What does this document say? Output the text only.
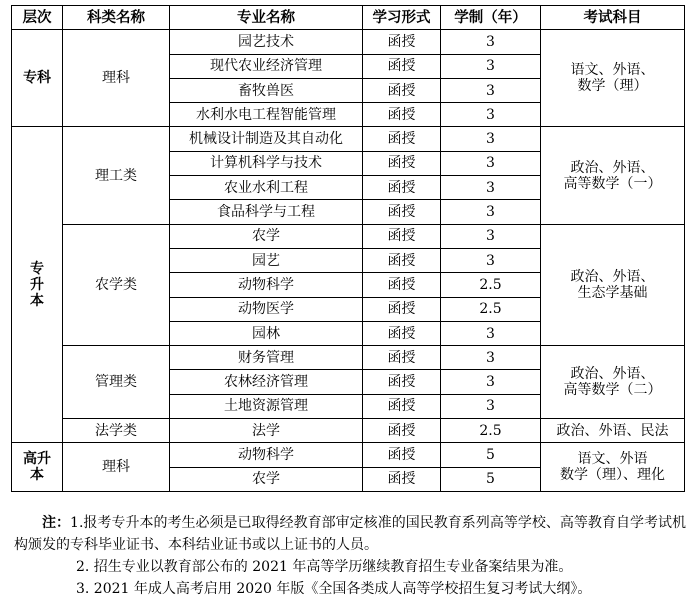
层次	科类名称	专业名称	学习形式	学制（年）	考试科目
专科	理科	园艺技术	函授	3	语文、外语、
数学（理）
		现代农业经济管理	函授	3	
		畜牧兽医	函授	3	
		水利水电工程智能管理	函授	3	
专
升
本	理工类	机械设计制造及其自动化	函授	3	政治、外语、
高等数学（一）
		计算机科学与技术	函授	3	
		农业水利工程	函授	3	
		食品科学与工程	函授	3	
	农学类	农学	函授	3	政治、外语、
生态学基础
		园艺	函授	3	
		动物科学	函授	2.5	
		动物医学	函授	2.5	
		园林	函授	3	
	管理类	财务管理	函授	3	政治、外语、
高等数学（二）
		农林经济管理	函授	3	
		土地资源管理	函授	3	
	法学类	法学	函授	2.5	政治、外语、民法
高升
本	理科	动物科学	函授	5	语文、外语
数学（理）、理化
		农学	函授	5	

注：1.报考专升本的考生必须是已取得经教育部审定核准的国民教育系列高等学校、高等教育自学考试机构颁发的专科毕业证书、本科结业证书或以上证书的人员。

2. 招生专业以教育部公布的 2021 年高等学历继续教育招生专业备案结果为准。

3. 2021 年成人高考启用 2020 年版《全国各类成人高等学校招生复习考试大纲》。
